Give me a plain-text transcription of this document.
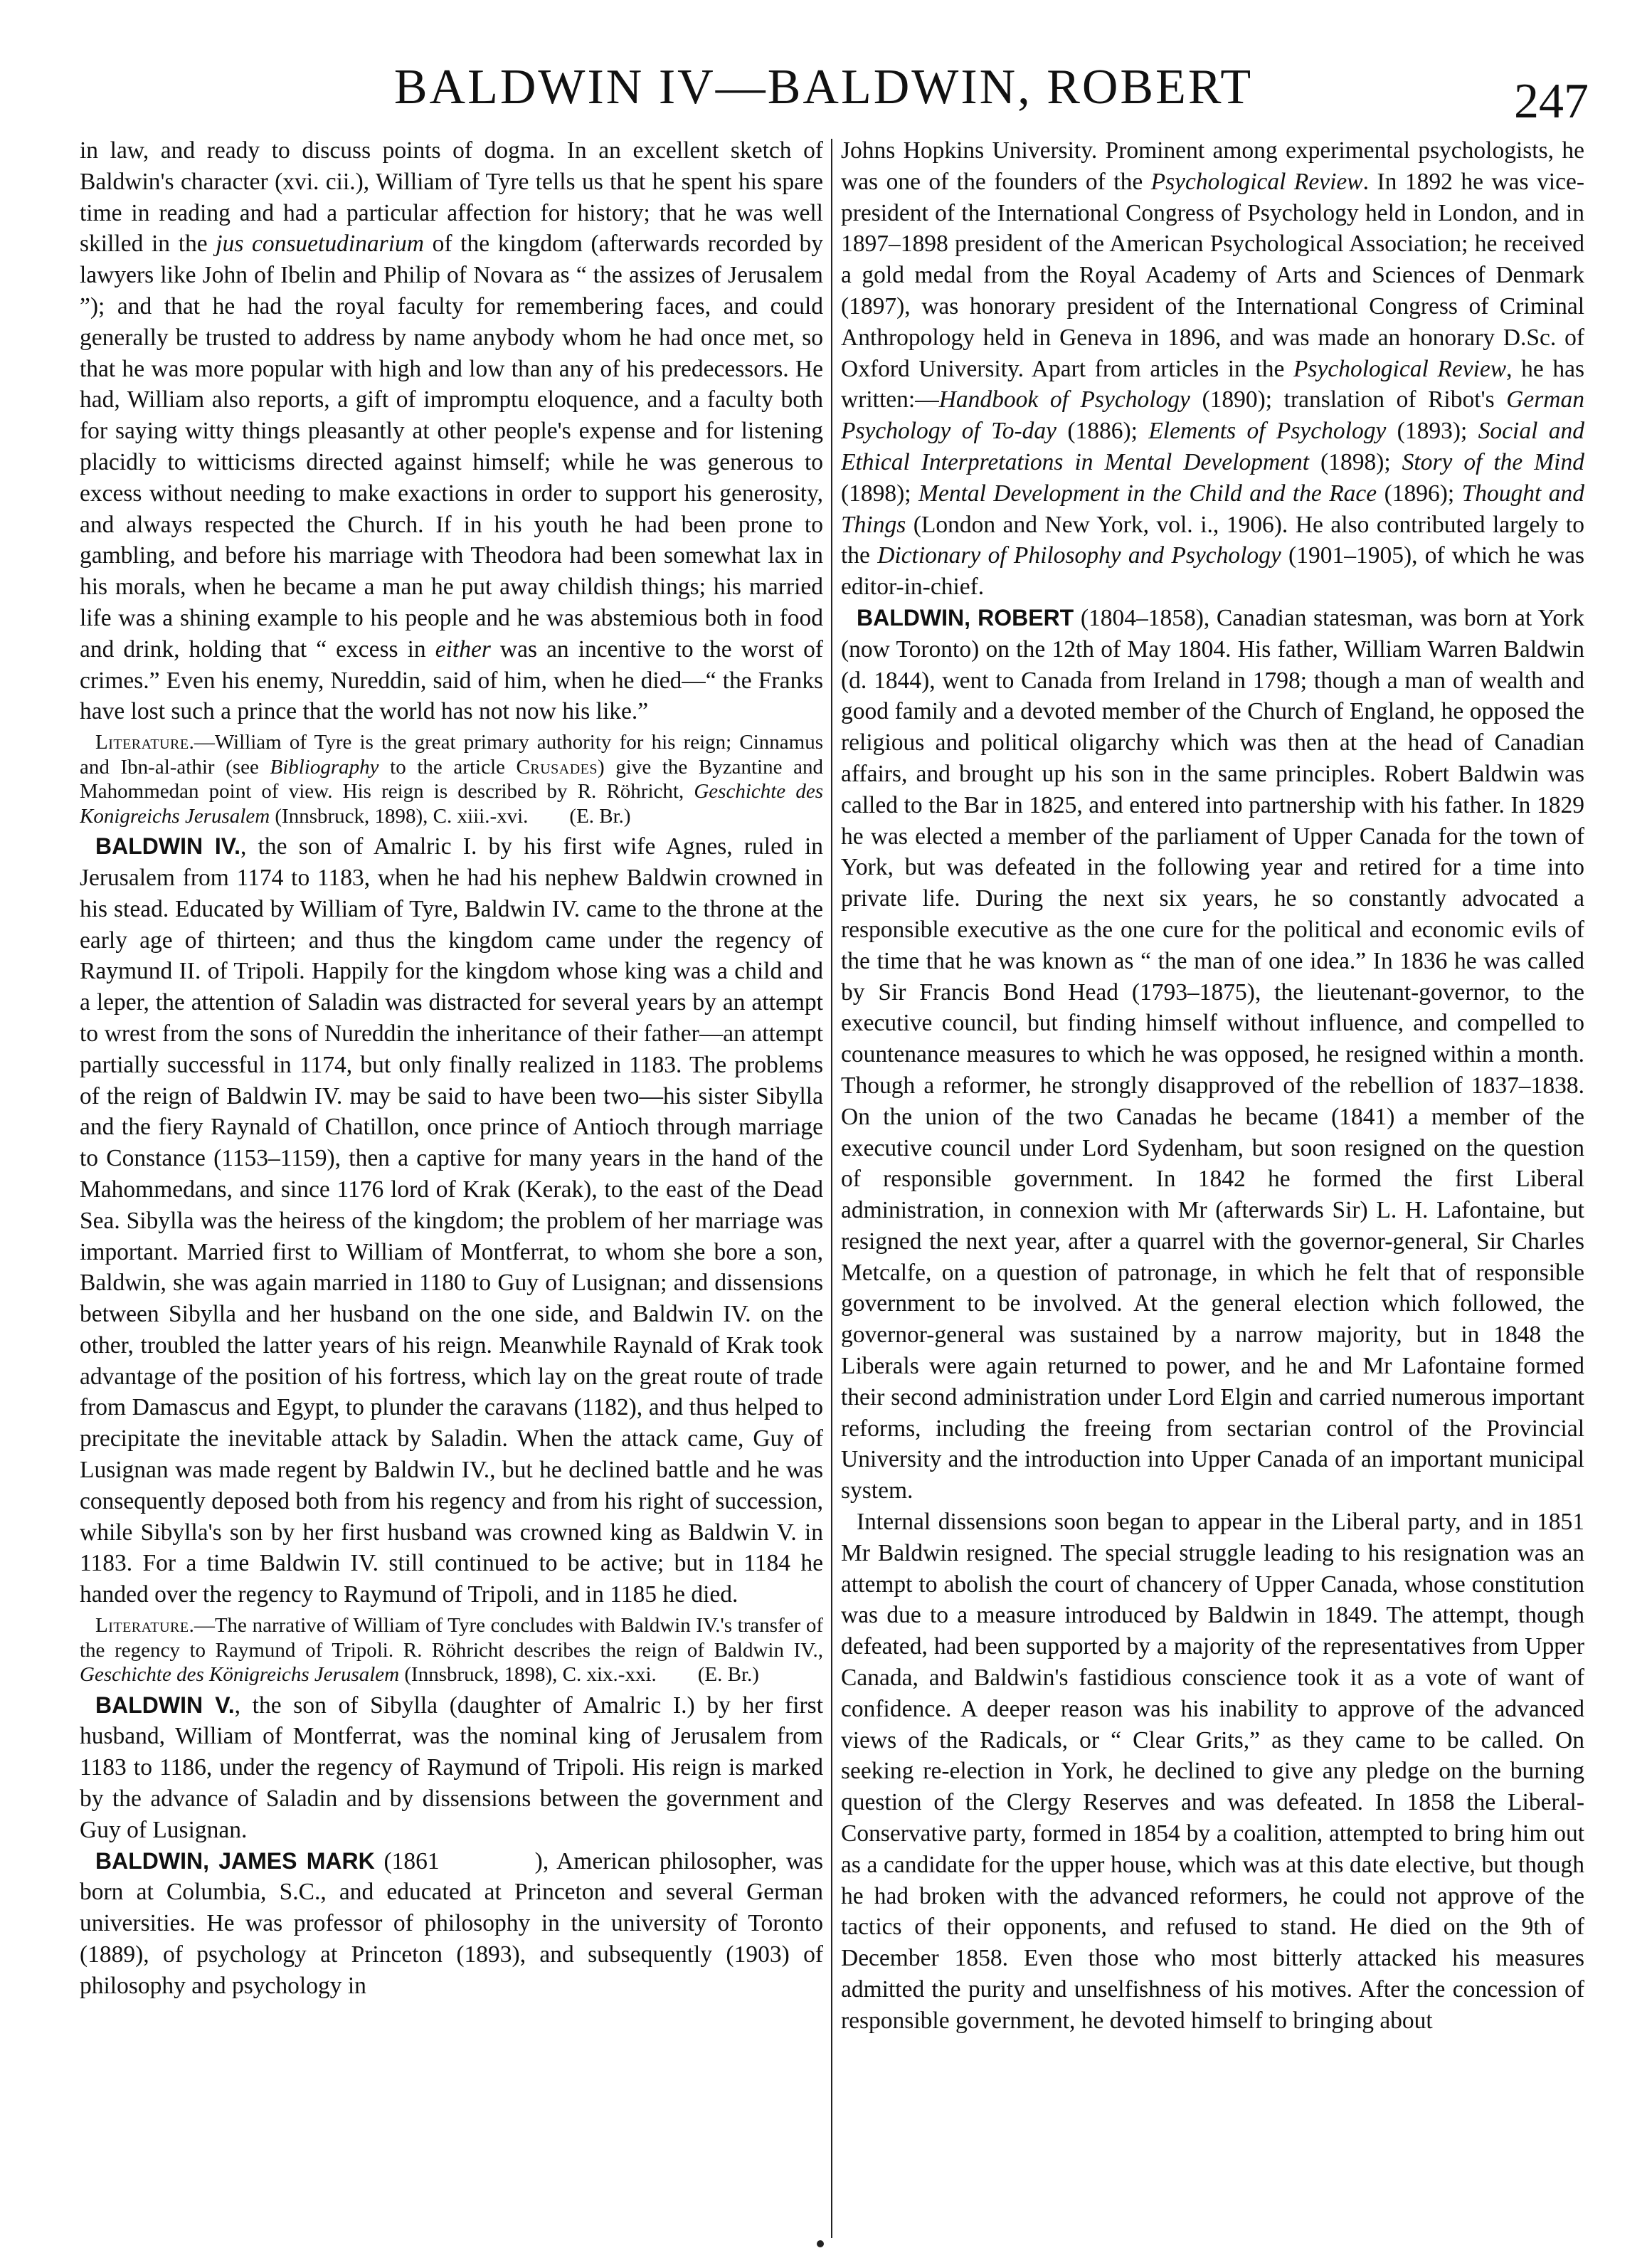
BALDWIN IV—BALDWIN, ROBERT	247

in law, and ready to discuss points of dogma. In an excellent sketch of Baldwin's character (xvi. cii.), William of Tyre tells us that he spent his spare time in reading and had a particular affection for history; that he was well skilled in the jus consuetudinarium of the kingdom (afterwards recorded by lawyers like John of Ibelin and Philip of Novara as “ the assizes of Jerusalem ”); and that he had the royal faculty for remembering faces, and could generally be trusted to address by name anybody whom he had once met, so that he was more popular with high and low than any of his predecessors. He had, William also reports, a gift of impromptu eloquence, and a faculty both for saying witty things pleasantly at other people's expense and for listening placidly to witticisms directed against himself; while he was generous to excess without needing to make exactions in order to support his generosity, and always respected the Church. If in his youth he had been prone to gambling, and before his marriage with Theodora had been somewhat lax in his morals, when he became a man he put away childish things; his married life was a shining example to his people and he was abstemious both in food and drink, holding that “ excess in either was an incentive to the worst of crimes.” Even his enemy, Nureddin, said of him, when he died—“ the Franks have lost such a prince that the world has not now his like.”

Literature.—William of Tyre is the great primary authority for his reign; Cinnamus and Ibn-al-athir (see Bibliography to the article Crusades) give the Byzantine and Mahommedan point of view. His reign is described by R. Röhricht, Geschichte des Konigreichs Jerusalem (Innsbruck, 1898), C. xiii.-xvi.  (E. Br.)

BALDWIN IV., the son of Amalric I. by his first wife Agnes, ruled in Jerusalem from 1174 to 1183, when he had his nephew Baldwin crowned in his stead. Educated by William of Tyre, Baldwin IV. came to the throne at the early age of thirteen; and thus the kingdom came under the regency of Raymund II. of Tripoli. Happily for the kingdom whose king was a child and a leper, the attention of Saladin was distracted for several years by an attempt to wrest from the sons of Nureddin the inheritance of their father—an attempt partially successful in 1174, but only finally realized in 1183. The problems of the reign of Baldwin IV. may be said to have been two—his sister Sibylla and the fiery Raynald of Chatillon, once prince of Antioch through marriage to Constance (1153–1159), then a captive for many years in the hand of the Mahommedans, and since 1176 lord of Krak (Kerak), to the east of the Dead Sea. Sibylla was the heiress of the kingdom; the problem of her marriage was important. Married first to William of Montferrat, to whom she bore a son, Baldwin, she was again married in 1180 to Guy of Lusignan; and dissensions between Sibylla and her husband on the one side, and Baldwin IV. on the other, troubled the latter years of his reign. Meanwhile Raynald of Krak took advantage of the position of his fortress, which lay on the great route of trade from Damascus and Egypt, to plunder the caravans (1182), and thus helped to precipitate the inevitable attack by Saladin. When the attack came, Guy of Lusignan was made regent by Baldwin IV., but he declined battle and he was consequently deposed both from his regency and from his right of succession, while Sibylla's son by her first husband was crowned king as Baldwin V. in 1183. For a time Baldwin IV. still continued to be active; but in 1184 he handed over the regency to Raymund of Tripoli, and in 1185 he died.

Literature.—The narrative of William of Tyre concludes with Baldwin IV.'s transfer of the regency to Raymund of Tripoli. R. Röhricht describes the reign of Baldwin IV., Geschichte des Königreichs Jerusalem (Innsbruck, 1898), C. xix.-xxi.  (E. Br.)

BALDWIN V., the son of Sibylla (daughter of Amalric I.) by her first husband, William of Montferrat, was the nominal king of Jerusalem from 1183 to 1186, under the regency of Raymund of Tripoli. His reign is marked by the advance of Saladin and by dissensions between the government and Guy of Lusignan.

BALDWIN, JAMES MARK (1861    ), American philosopher, was born at Columbia, S.C., and educated at Princeton and several German universities. He was professor of philosophy in the university of Toronto (1889), of psychology at Princeton (1893), and subsequently (1903) of philosophy and psychology in

Johns Hopkins University. Prominent among experimental psychologists, he was one of the founders of the Psychological Review. In 1892 he was vice-president of the International Congress of Psychology held in London, and in 1897–1898 president of the American Psychological Association; he received a gold medal from the Royal Academy of Arts and Sciences of Denmark (1897), was honorary president of the International Congress of Criminal Anthropology held in Geneva in 1896, and was made an honorary D.Sc. of Oxford University. Apart from articles in the Psychological Review, he has written:—Handbook of Psychology (1890); translation of Ribot's German Psychology of To-day (1886); Elements of Psychology (1893); Social and Ethical Interpretations in Mental Development (1898); Story of the Mind (1898); Mental Development in the Child and the Race (1896); Thought and Things (London and New York, vol. i., 1906). He also contributed largely to the Dictionary of Philosophy and Psychology (1901–1905), of which he was editor-in-chief.

BALDWIN, ROBERT (1804–1858), Canadian statesman, was born at York (now Toronto) on the 12th of May 1804. His father, William Warren Baldwin (d. 1844), went to Canada from Ireland in 1798; though a man of wealth and good family and a devoted member of the Church of England, he opposed the religious and political oligarchy which was then at the head of Canadian affairs, and brought up his son in the same principles. Robert Baldwin was called to the Bar in 1825, and entered into partnership with his father. In 1829 he was elected a member of the parliament of Upper Canada for the town of York, but was defeated in the following year and retired for a time into private life. During the next six years, he so constantly advocated a responsible executive as the one cure for the political and economic evils of the time that he was known as “ the man of one idea.” In 1836 he was called by Sir Francis Bond Head (1793–1875), the lieutenant-governor, to the executive council, but finding himself without influence, and compelled to countenance measures to which he was opposed, he resigned within a month. Though a reformer, he strongly disapproved of the rebellion of 1837–1838. On the union of the two Canadas he became (1841) a member of the executive council under Lord Sydenham, but soon resigned on the question of responsible government. In 1842 he formed the first Liberal administration, in connexion with Mr (afterwards Sir) L. H. Lafontaine, but resigned the next year, after a quarrel with the governor-general, Sir Charles Metcalfe, on a question of patronage, in which he felt that of responsible government to be involved. At the general election which followed, the governor-general was sustained by a narrow majority, but in 1848 the Liberals were again returned to power, and he and Mr Lafontaine formed their second administration under Lord Elgin and carried numerous important reforms, including the freeing from sectarian control of the Provincial University and the introduction into Upper Canada of an important municipal system.

Internal dissensions soon began to appear in the Liberal party, and in 1851 Mr Baldwin resigned. The special struggle leading to his resignation was an attempt to abolish the court of chancery of Upper Canada, whose constitution was due to a measure introduced by Baldwin in 1849. The attempt, though defeated, had been supported by a majority of the representatives from Upper Canada, and Baldwin's fastidious conscience took it as a vote of want of confidence. A deeper reason was his inability to approve of the advanced views of the Radicals, or “ Clear Grits,” as they came to be called. On seeking re-election in York, he declined to give any pledge on the burning question of the Clergy Reserves and was defeated. In 1858 the Liberal-Conservative party, formed in 1854 by a coalition, attempted to bring him out as a candidate for the upper house, which was at this date elective, but though he had broken with the advanced reformers, he could not approve of the tactics of their opponents, and refused to stand. He died on the 9th of December 1858. Even those who most bitterly attacked his measures admitted the purity and unselfishness of his motives. After the concession of responsible government, he devoted himself to bringing about
